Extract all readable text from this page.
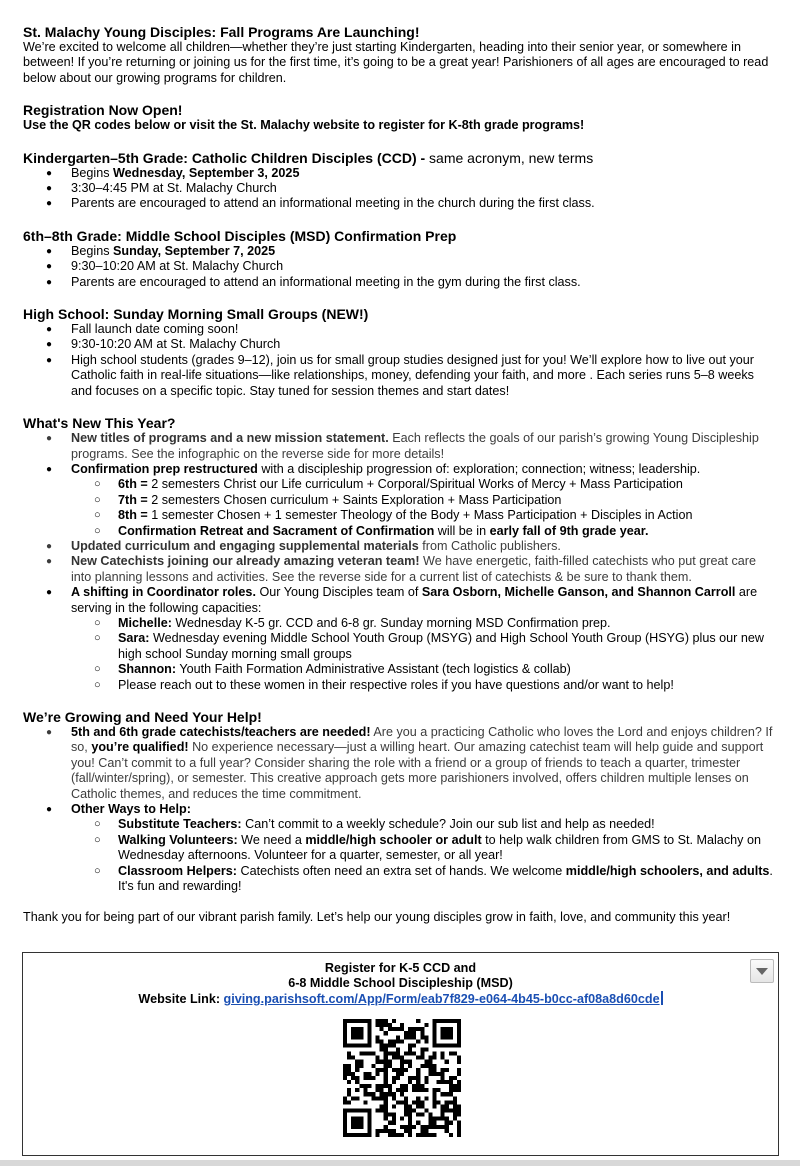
St. Malachy Young Disciples: Fall Programs Are Launching!

We’re excited to welcome all children—whether they’re just starting Kindergarten, heading into their senior year, or somewhere in between! If you’re returning or joining us for the first time, it’s going to be a great year! Parishioners of all ages are encouraged to read below about our growing programs for children.

Registration Now Open!
Use the QR codes below or visit the St. Malachy website to register for K-8th grade programs!
Kindergarten–5th Grade: Catholic Children Disciples (CCD) - same acronym, new terms
● Begins Wednesday, September 3, 2025
● 3:30–4:45 PM at St. Malachy Church
● Parents are encouraged to attend an informational meeting in the church during the first class.
6th–8th Grade: Middle School Disciples (MSD) Confirmation Prep
● Begins Sunday, September 7, 2025
● 9:30–10:20 AM at St. Malachy Church
● Parents are encouraged to attend an informational meeting in the gym during the first class.
High School: Sunday Morning Small Groups (NEW!)
● Fall launch date coming soon!
● 9:30-10:20 AM at St. Malachy Church
● High school students (grades 9–12), join us for small group studies designed just for you! We’ll explore how to live out your Catholic faith in real-life situations—like relationships, money, defending your faith, and more . Each series runs 5–8 weeks and focuses on a specific topic. Stay tuned for session themes and start dates!
What's New This Year?
● New titles of programs and a new mission statement. Each reflects the goals of our parish’s growing Young Discipleship programs. See the infographic on the reverse side for more details!
● Confirmation prep restructured with a discipleship progression of: exploration; connection; witness; leadership.
○ 6th = 2 semesters Christ our Life curriculum + Corporal/Spiritual Works of Mercy + Mass Participation
○ 7th = 2 semesters Chosen curriculum + Saints Exploration + Mass Participation
○ 8th = 1 semester Chosen + 1 semester Theology of the Body + Mass Participation + Disciples in Action
○ Confirmation Retreat and Sacrament of Confirmation will be in early fall of 9th grade year.
● Updated curriculum and engaging supplemental materials from Catholic publishers.
● New Catechists joining our already amazing veteran team! We have energetic, faith-filled catechists who put great care into planning lessons and activities. See the reverse side for a current list of catechists & be sure to thank them.
● A shifting in Coordinator roles. Our Young Disciples team of Sara Osborn, Michelle Ganson, and Shannon Carroll are serving in the following capacities:
○ Michelle: Wednesday K-5 gr. CCD and 6-8 gr. Sunday morning MSD Confirmation prep.
○ Sara: Wednesday evening Middle School Youth Group (MSYG) and High School Youth Group (HSYG) plus our new high school Sunday morning small groups
○ Shannon: Youth Faith Formation Administrative Assistant (tech logistics & collab)
○ Please reach out to these women in their respective roles if you have questions and/or want to help!
We’re Growing and Need Your Help!
● 5th and 6th grade catechists/teachers are needed! Are you a practicing Catholic who loves the Lord and enjoys children? If so, you’re qualified! No experience necessary—just a willing heart. Our amazing catechist team will help guide and support you! Can’t commit to a full year? Consider sharing the role with a friend or a group of friends to teach a quarter, trimester (fall/winter/spring), or semester. This creative approach gets more parishioners involved, offers children multiple lenses on Catholic themes, and reduces the time commitment.
● Other Ways to Help:
○ Substitute Teachers: Can’t commit to a weekly schedule? Join our sub list and help as needed!
○ Walking Volunteers: We need a middle/high schooler or adult to help walk children from GMS to St. Malachy on Wednesday afternoons. Volunteer for a quarter, semester, or all year!
○ Classroom Helpers: Catechists often need an extra set of hands. We welcome middle/high schoolers, and adults. It's fun and rewarding!

Thank you for being part of our vibrant parish family. Let’s help our young disciples grow in faith, love, and community this year!

Register for K-5 CCD and
6-8 Middle School Discipleship (MSD)
Website Link: giving.parishsoft.com/App/Form/eab7f829-e064-4b45-b0cc-af08a8d60cde
